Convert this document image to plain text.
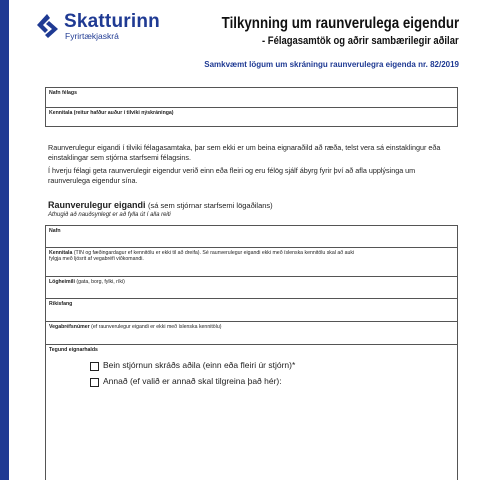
Skatturinn
Fyrirtækjaskrá
Tilkynning um raunverulega eigendur
- Félagasamtök og aðrir sambærilegir aðilar
Samkvæmt lögum um skráningu raunverulegra eigenda nr. 82/2019
Nafn félags
Kennitala (reitur hafður auður í tilviki nýskráninga)
Raunverulegur eigandi í tilviki félagasamtaka, þar sem ekki er um beina eignaraðild að ræða, telst vera sá einstaklingur eða einstaklingar sem stjórna starfsemi félagsins.
Í hverju félagi geta raunverulegir eigendur verið einn eða fleiri og eru félög sjálf ábyrg fyrir því að afla upplýsinga um raunverulega eigendur sína.
Raunverulegur eigandi (sá sem stjórnar starfsemi lögaðilans)
Athugið að nauðsynlegt er að fylla út í alla reiti
Nafn
Kennitala (TIN og fæðingardagur ef kennitölu er ekki til að dreifa). Sé raunverulegur eigandi ekki með íslenska kennitölu skal að auki
fylgja með ljósrit af vegabréfi viðkomandi.
Lögheimili (gata, borg, fylki, ríki)
Ríkisfang
Vegabréfsnúmer (ef raunverulegur eigandi er ekki með íslenska kennitölu)
Tegund eignarhalds
Bein stjórnun skráðs aðila (einn eða fleiri úr stjórn)*
Annað (ef valið er annað skal tilgreina það hér):
